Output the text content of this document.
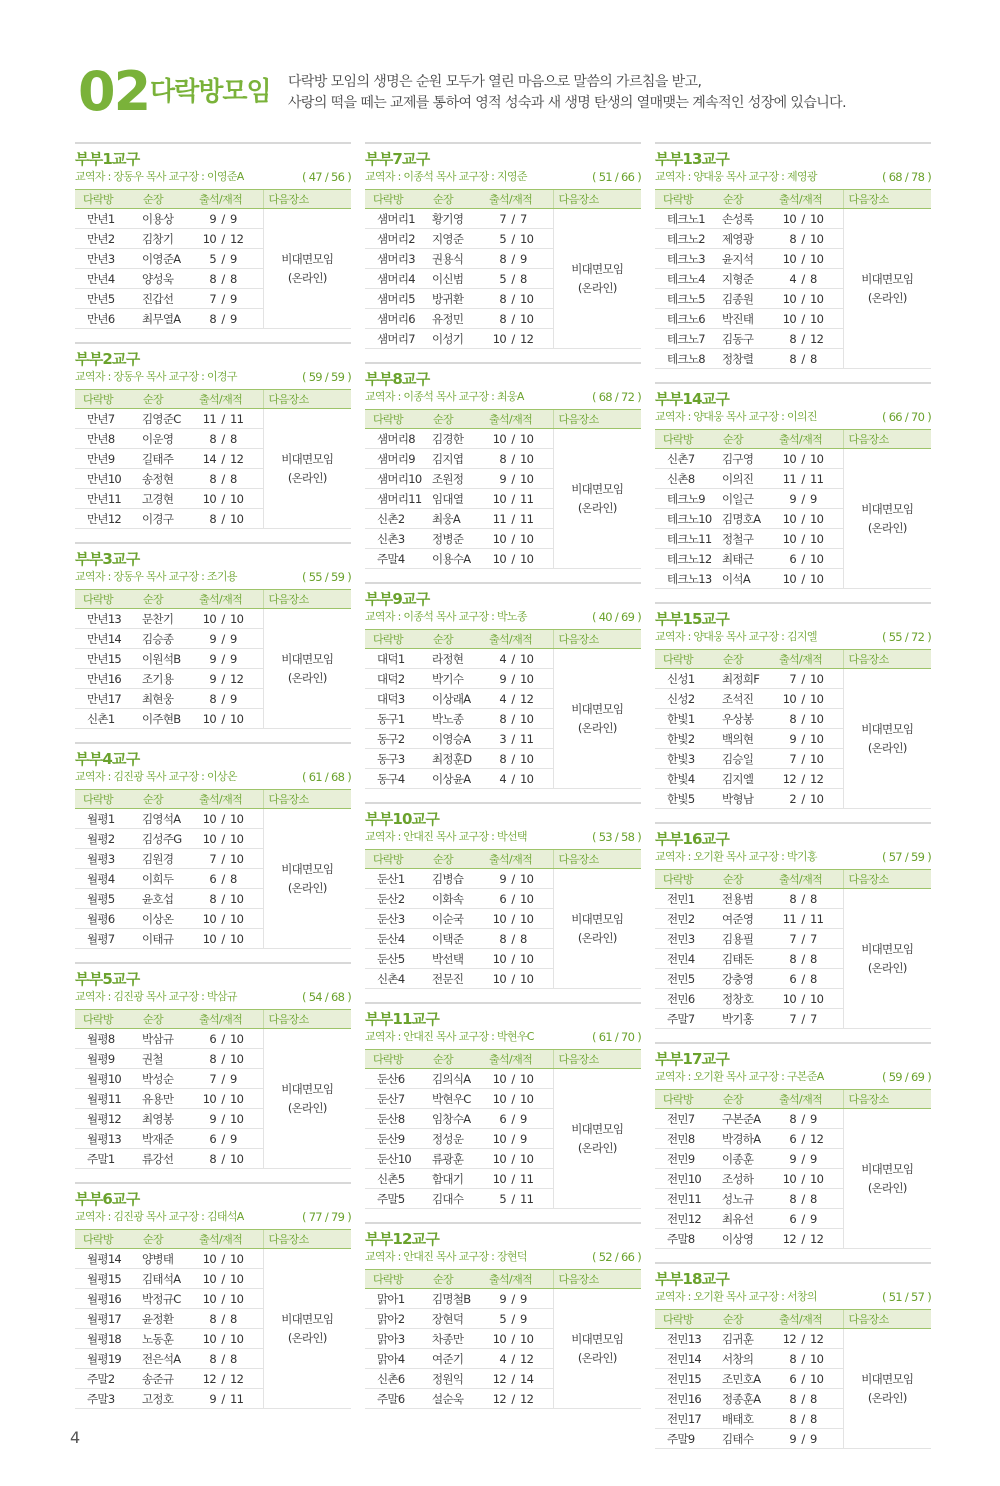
02 다락방모임 다락방 모임의 생명은 순원 모두가 열린 마음으로 말씀의 가르침을 받고,
사랑의 떡을 떼는 교제를 통하여 영적 성숙과 새 생명 탄생의 열매맺는 계속적인 성장에 있습니다.
부부1교구
교역자 : 장동우 목사 교구장 : 이영준A	( 47 / 56 )
다락방	순장	출석/재적	다음장소
만년1	이용상	9 / 9	비대면모임
(온라인)

만년2	김창기	10 / 12	
만년3	이영준A	5 / 9	
만년4	양성욱	8 / 8	
만년5	진갑선	7 / 9	
만년6	최무열A	8 / 9	
부부2교구
교역자 : 장동우 목사 교구장 : 이경구	( 59 / 59 )
다락방	순장	출석/재적	다음장소
만년7	김영준C	11 / 11	비대면모임
(온라인)

만년8	이운영	8 / 8	
만년9	길태주	14 / 12	
만년10	송정현	8 / 8	
만년11	고경현	10 / 10	
만년12	이경구	8 / 10	
부부3교구
교역자 : 장동우 목사 교구장 : 조기용	( 55 / 59 )
다락방	순장	출석/재적	다음장소
만년13	문찬기	10 / 10	비대면모임
(온라인)

만년14	김승종	9 / 9	
만년15	이원석B	9 / 9	
만년16	조기용	9 / 12	
만년17	최현웅	8 / 9	
신촌1	이주현B	10 / 10	
부부4교구
교역자 : 김진광 목사 교구장 : 이상온	( 61 / 68 )
다락방	순장	출석/재적	다음장소
월평1	김영석A	10 / 10	비대면모임
(온라인)

월평2	김성주G	10 / 10	
월평3	김원경	7 / 10	
월평4	이희두	6 / 8	
월평5	윤호섭	8 / 10	
월평6	이상온	10 / 10	
월평7	이태규	10 / 10	
부부5교구
교역자 : 김진광 목사 교구장 : 박삼규	( 54 / 68 )
다락방	순장	출석/재적	다음장소
월평8	박삼규	6 / 10	비대면모임
(온라인)

월평9	권철	8 / 10	
월평10	박성순	7 / 9	
월평11	유용만	10 / 10	
월평12	최영봉	9 / 10	
월평13	박재준	6 / 9	
주말1	류강선	8 / 10	
부부6교구
교역자 : 김진광 목사 교구장 : 김태석A	( 77 / 79 )
다락방	순장	출석/재적	다음장소
월평14	양병태	10 / 10	비대면모임
(온라인)

월평15	김태석A	10 / 10	
월평16	박정규C	10 / 10	
월평17	윤정환	8 / 8	
월평18	노동훈	10 / 10	
월평19	전은석A	8 / 8	
주말2	송준규	12 / 12	
주말3	고정호	9 / 11	
부부7교구
교역자 : 이종석 목사 교구장 : 지영준	( 51 / 66 )
다락방	순장	출석/재적	다음장소
샘머리1	황기영	7 / 7	비대면모임
(온라인)

샘머리2	지영준	5 / 10	
샘머리3	권용식	8 / 9	
샘머리4	이신범	5 / 8	
샘머리5	방귀환	8 / 10	
샘머리6	유정민	8 / 10	
샘머리7	이성기	10 / 12	
부부8교구
교역자 : 이종석 목사 교구장 : 최웅A	( 68 / 72 )
다락방	순장	출석/재적	다음장소
샘머리8	김경한	10 / 10	비대면모임
(온라인)

샘머리9	김지엽	8 / 10	
샘머리10	조원정	9 / 10	
샘머리11	임대열	10 / 11	
신촌2	최웅A	11 / 11	
신촌3	정병준	10 / 10	
주말4	이용수A	10 / 10	
부부9교구
교역자 : 이종석 목사 교구장 : 박노종	( 40 / 69 )
다락방	순장	출석/재적	다음장소
대덕1	라정현	4 / 10	비대면모임
(온라인)

대덕2	박기수	9 / 10	
대덕3	이상래A	4 / 12	
동구1	박노종	8 / 10	
동구2	이영승A	3 / 11	
동구3	최정훈D	8 / 10	
동구4	이상윤A	4 / 10	
부부10교구
교역자 : 안대진 목사 교구장 : 박선택	( 53 / 58 )
다락방	순장	출석/재적	다음장소
둔산1	김병습	9 / 10	비대면모임
(온라인)

둔산2	이화속	6 / 10	
둔산3	이순국	10 / 10	
둔산4	이택준	8 / 8	
둔산5	박선택	10 / 10	
신촌4	전문진	10 / 10	
부부11교구
교역자 : 안대진 목사 교구장 : 박현우C	( 61 / 70 )
다락방	순장	출석/재적	다음장소
둔산6	김의식A	10 / 10	비대면모임
(온라인)

둔산7	박현우C	10 / 10	
둔산8	임창수A	6 / 9	
둔산9	정성운	10 / 9	
둔산10	류광훈	10 / 10	
신촌5	함대기	10 / 11	
주말5	김대수	5 / 11	
부부12교구
교역자 : 안대진 목사 교구장 : 장현덕	( 52 / 66 )
다락방	순장	출석/재적	다음장소
맑아1	김명철B	9 / 9	비대면모임
(온라인)

맑아2	장현덕	5 / 9	
맑아3	차종만	10 / 10	
맑아4	여준기	4 / 12	
신촌6	정원익	12 / 14	
주말6	설순욱	12 / 12	
부부13교구
교역자 : 양대웅 목사 교구장 : 제영광	( 68 / 78 )
다락방	순장	출석/재적	다음장소
테크노1	손성록	10 / 10	비대면모임
(온라인)

테크노2	제영광	8 / 10	
테크노3	윤지석	10 / 10	
테크노4	지형준	4 / 8	
테크노5	김종원	10 / 10	
테크노6	박진태	10 / 10	
테크노7	김동구	8 / 12	
테크노8	정창렬	8 / 8	
부부14교구
교역자 : 양대웅 목사 교구장 : 이의진	( 66 / 70 )
다락방	순장	출석/재적	다음장소
신촌7	김구영	10 / 10	비대면모임
(온라인)

신촌8	이의진	11 / 11	
테크노9	이일근	9 / 9	
테크노10	김명호A	10 / 10	
테크노11	정철구	10 / 10	
테크노12	최태근	6 / 10	
테크노13	이석A	10 / 10	
부부15교구
교역자 : 양대웅 목사 교구장 : 김지엘	( 55 / 72 )
다락방	순장	출석/재적	다음장소
신성1	최정희F	7 / 10	비대면모임
(온라인)

신성2	조석진	10 / 10	
한빛1	우상봉	8 / 10	
한빛2	백의현	9 / 10	
한빛3	김승일	7 / 10	
한빛4	김지엘	12 / 12	
한빛5	박형남	2 / 10	
부부16교구
교역자 : 오기환 목사 교구장 : 박기홍	( 57 / 59 )
다락방	순장	출석/재적	다음장소
전민1	전용범	8 / 8	비대면모임
(온라인)

전민2	여준영	11 / 11	
전민3	김용필	7 / 7	
전민4	김태돈	8 / 8	
전민5	강충영	6 / 8	
전민6	정창호	10 / 10	
주말7	박기홍	7 / 7	
부부17교구
교역자 : 오기환 목사 교구장 : 구본준A	( 59 / 69 )
다락방	순장	출석/재적	다음장소
전민7	구본준A	8 / 9	비대면모임
(온라인)

전민8	박경하A	6 / 12	
전민9	이종훈	9 / 9	
전민10	조성하	10 / 10	
전민11	성노규	8 / 8	
전민12	최유선	6 / 9	
주말8	이상영	12 / 12	
부부18교구
교역자 : 오기환 목사 교구장 : 서창의	( 51 / 57 )
다락방	순장	출석/재적	다음장소
전민13	김귀훈	12 / 12	비대면모임
(온라인)

전민14	서창의	8 / 10	
전민15	조민호A	6 / 10	
전민16	정종훈A	8 / 8	
전민17	배태호	8 / 8	
주말9	김태수	9 / 9	
4
